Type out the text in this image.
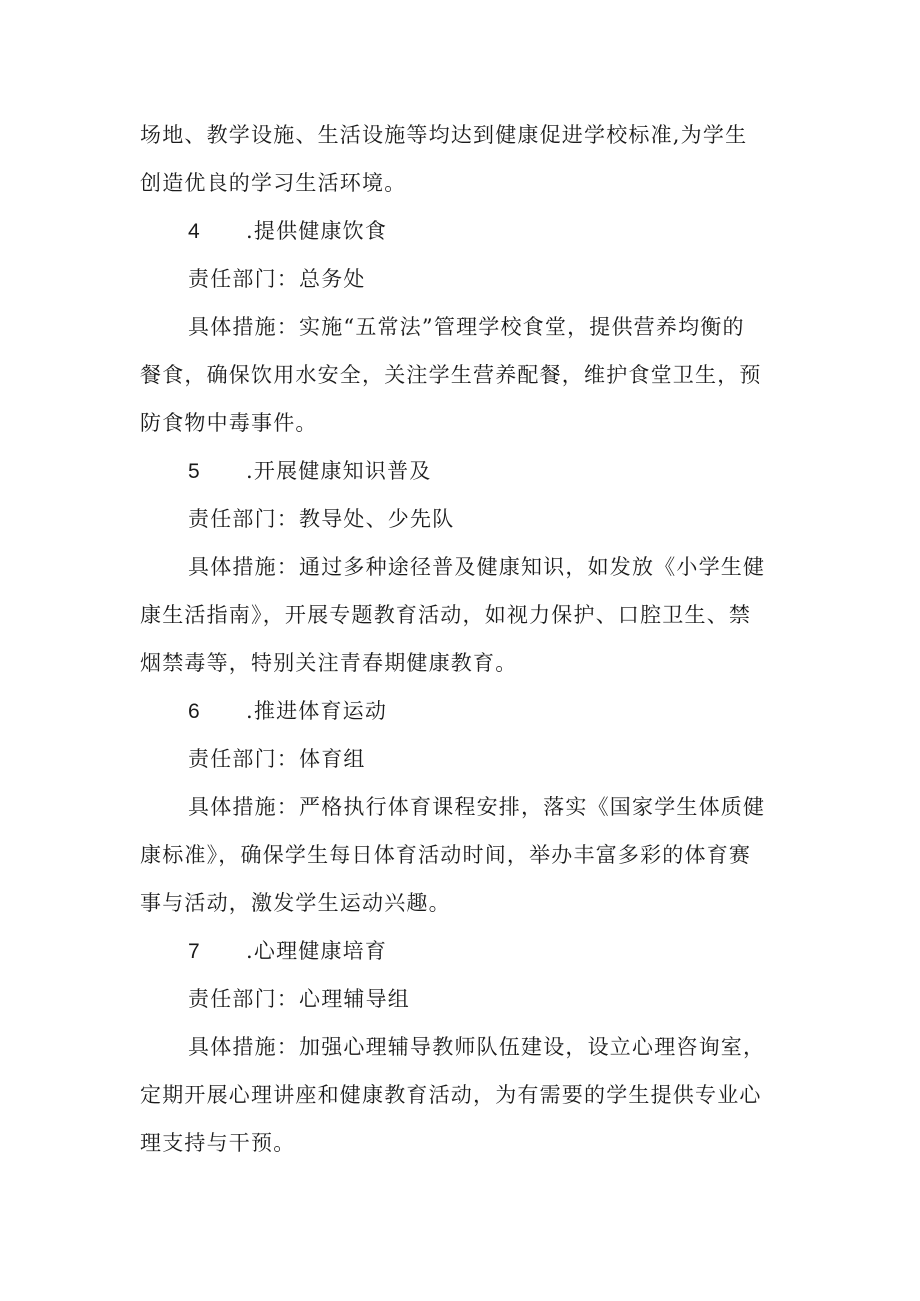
场地、教学设施、生活设施等均达到健康促进学校标准,为学生
创造优良的学习生活环境。
4 .提供健康饮食
责任部门：总务处
具体措施：实施“五常法”管理学校食堂，提供营养均衡的
餐食，确保饮用水安全，关注学生营养配餐，维护食堂卫生，预
防食物中毒事件。
5 .开展健康知识普及
责任部门：教导处、少先队
具体措施：通过多种途径普及健康知识，如发放《小学生健
康生活指南》，开展专题教育活动，如视力保护、口腔卫生、禁
烟禁毒等，特别关注青春期健康教育。
6 .推进体育运动
责任部门：体育组
具体措施：严格执行体育课程安排，落实《国家学生体质健
康标准》，确保学生每日体育活动时间，举办丰富多彩的体育赛
事与活动，激发学生运动兴趣。
7 .心理健康培育
责任部门：心理辅导组
具体措施：加强心理辅导教师队伍建设，设立心理咨询室，
定期开展心理讲座和健康教育活动，为有需要的学生提供专业心
理支持与干预。
